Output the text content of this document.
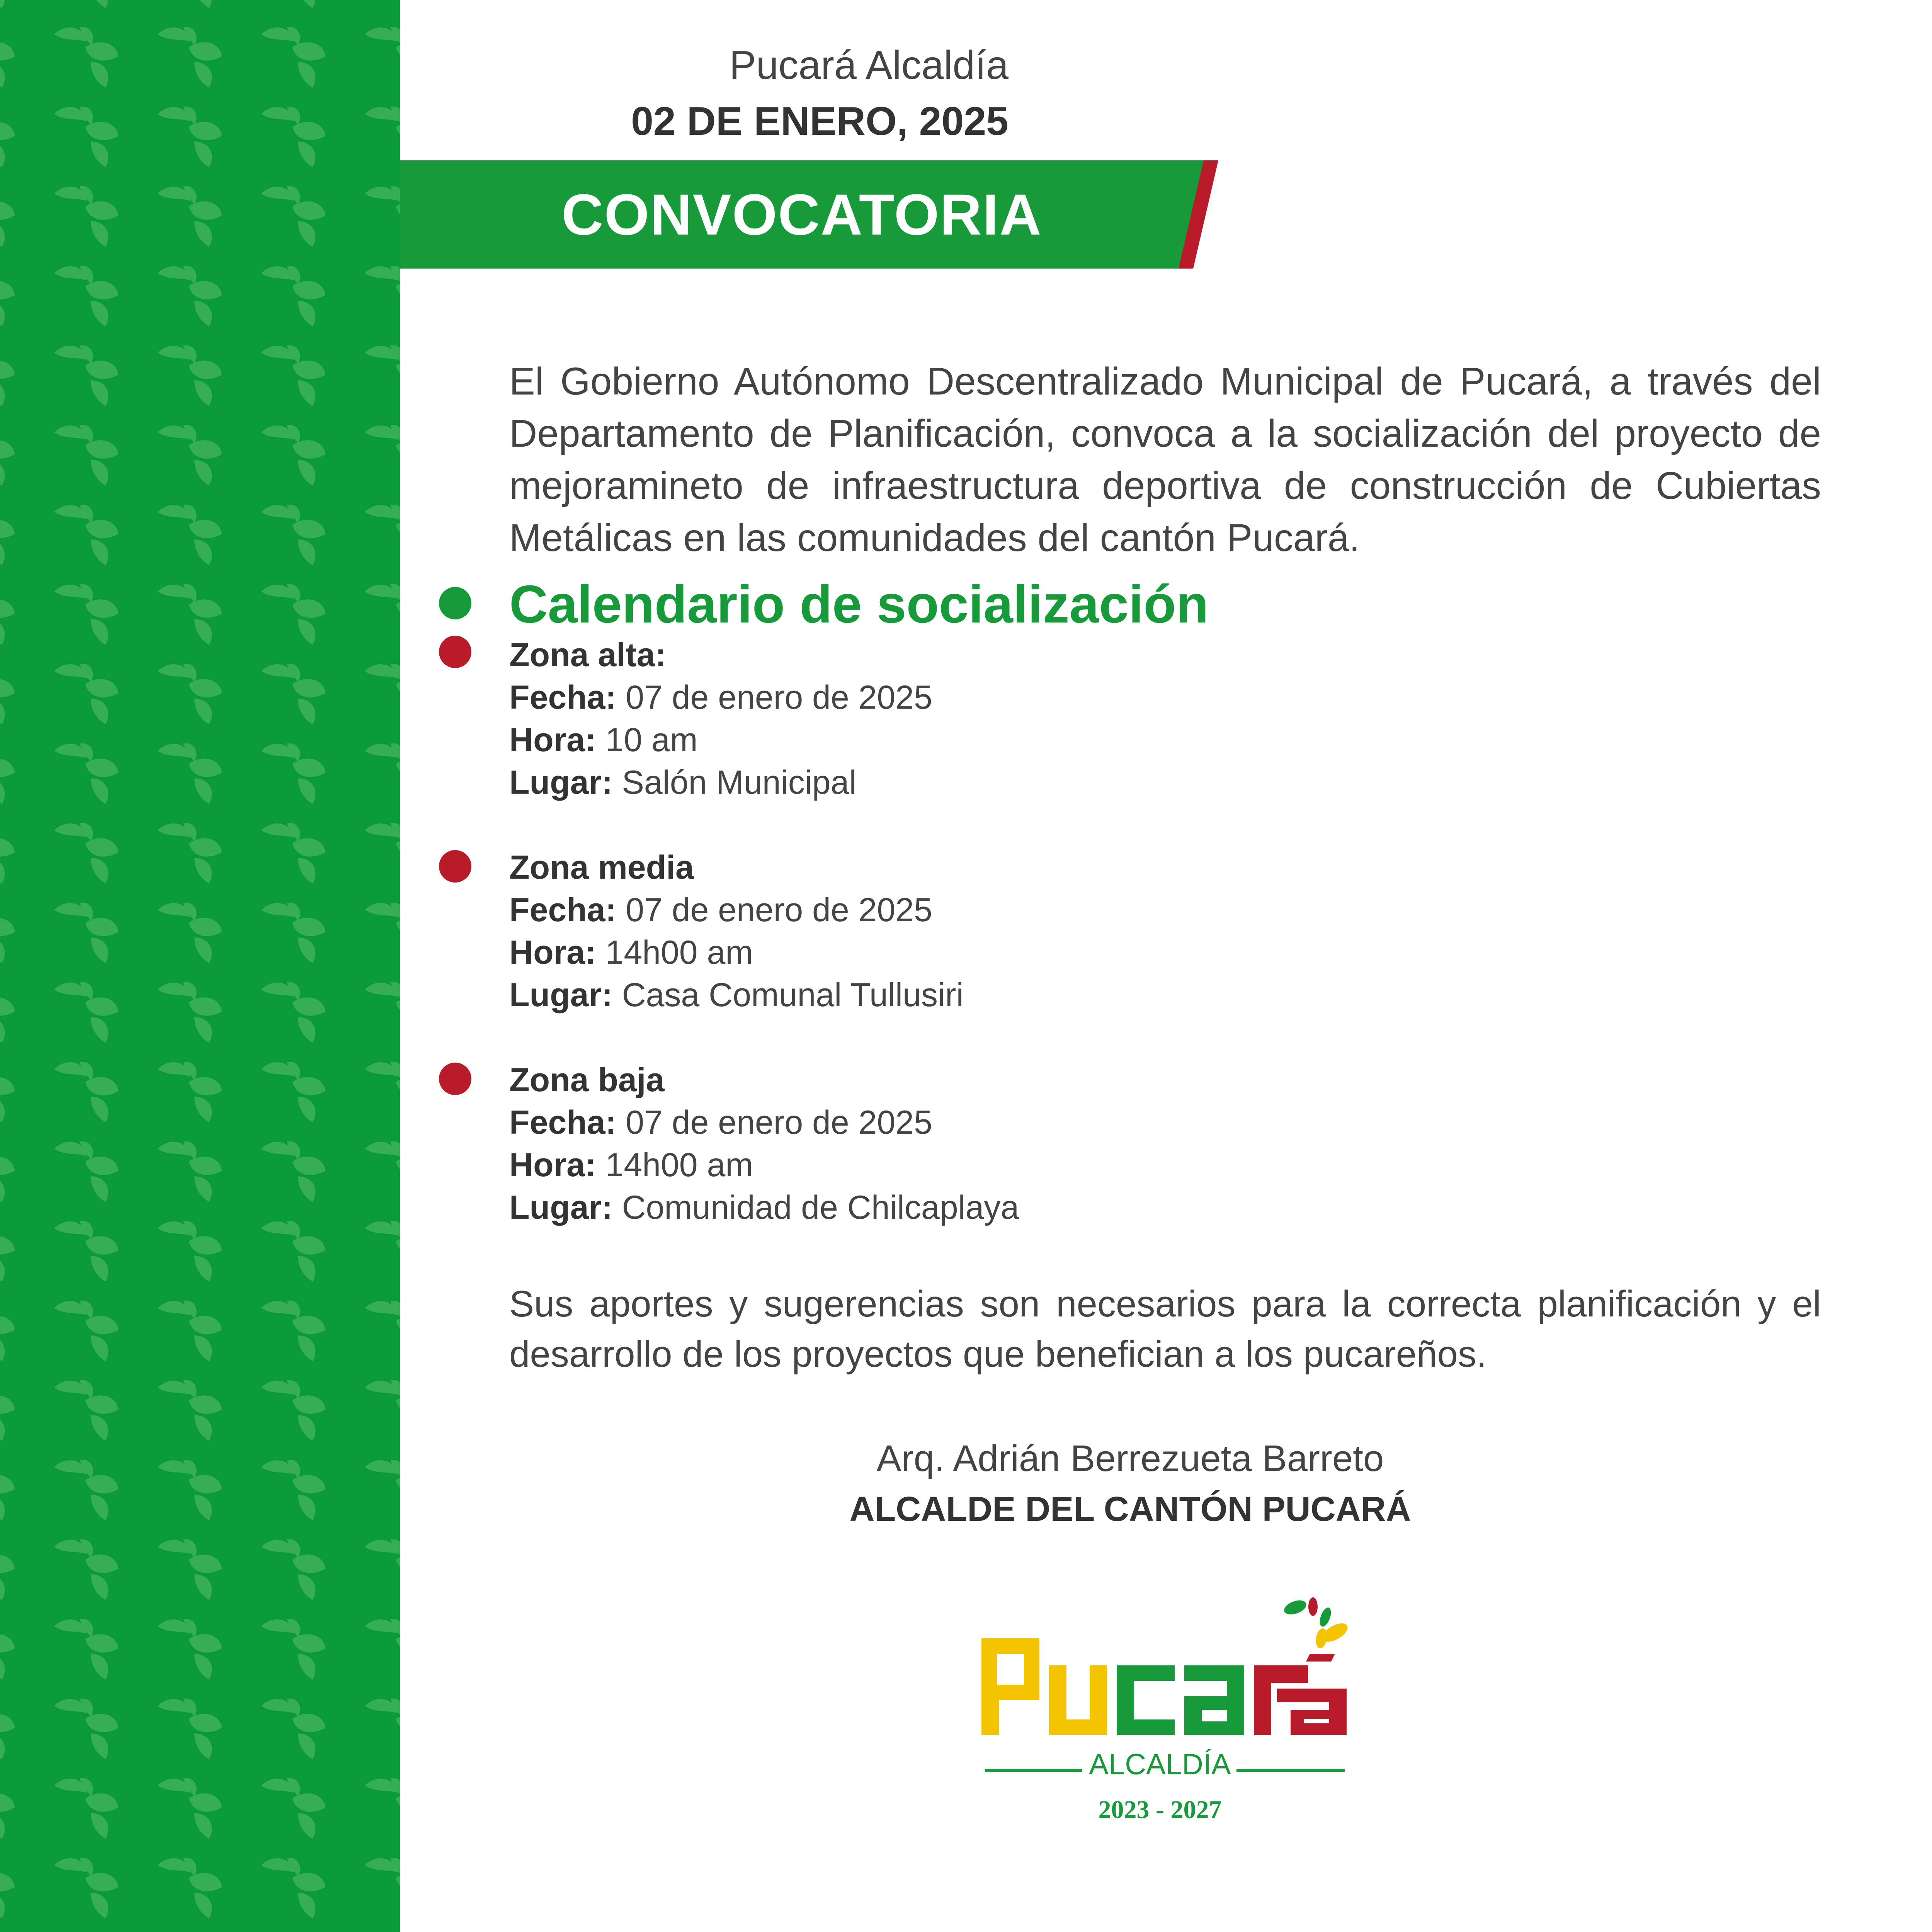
Pucará Alcaldía
02 DE ENERO, 2025
CONVOCATORIA
El Gobierno Autónomo Descentralizado Municipal de Pucará, a través del Departamento de Planificación, convoca a la socialización del proyecto de mejoramineto de infraestructura deportiva de construcción de Cubiertas Metálicas en las comunidades del cantón Pucará.
Calendario de socialización
Zona alta:
Fecha: 07 de enero de 2025
Hora: 10 am
Lugar: Salón Municipal
Zona media
Fecha: 07 de enero de 2025
Hora: 14h00 am
Lugar: Casa Comunal Tullusiri
Zona baja
Fecha: 07 de enero de 2025
Hora: 14h00 am
Lugar: Comunidad de Chilcaplaya
Sus aportes y sugerencias son necesarios para la correcta planificación y el desarrollo de los proyectos que benefician a los pucareños.
Arq. Adrián Berrezueta Barreto
ALCALDE DEL CANTÓN PUCARÁ
ALCALDÍA
2023 - 2027
